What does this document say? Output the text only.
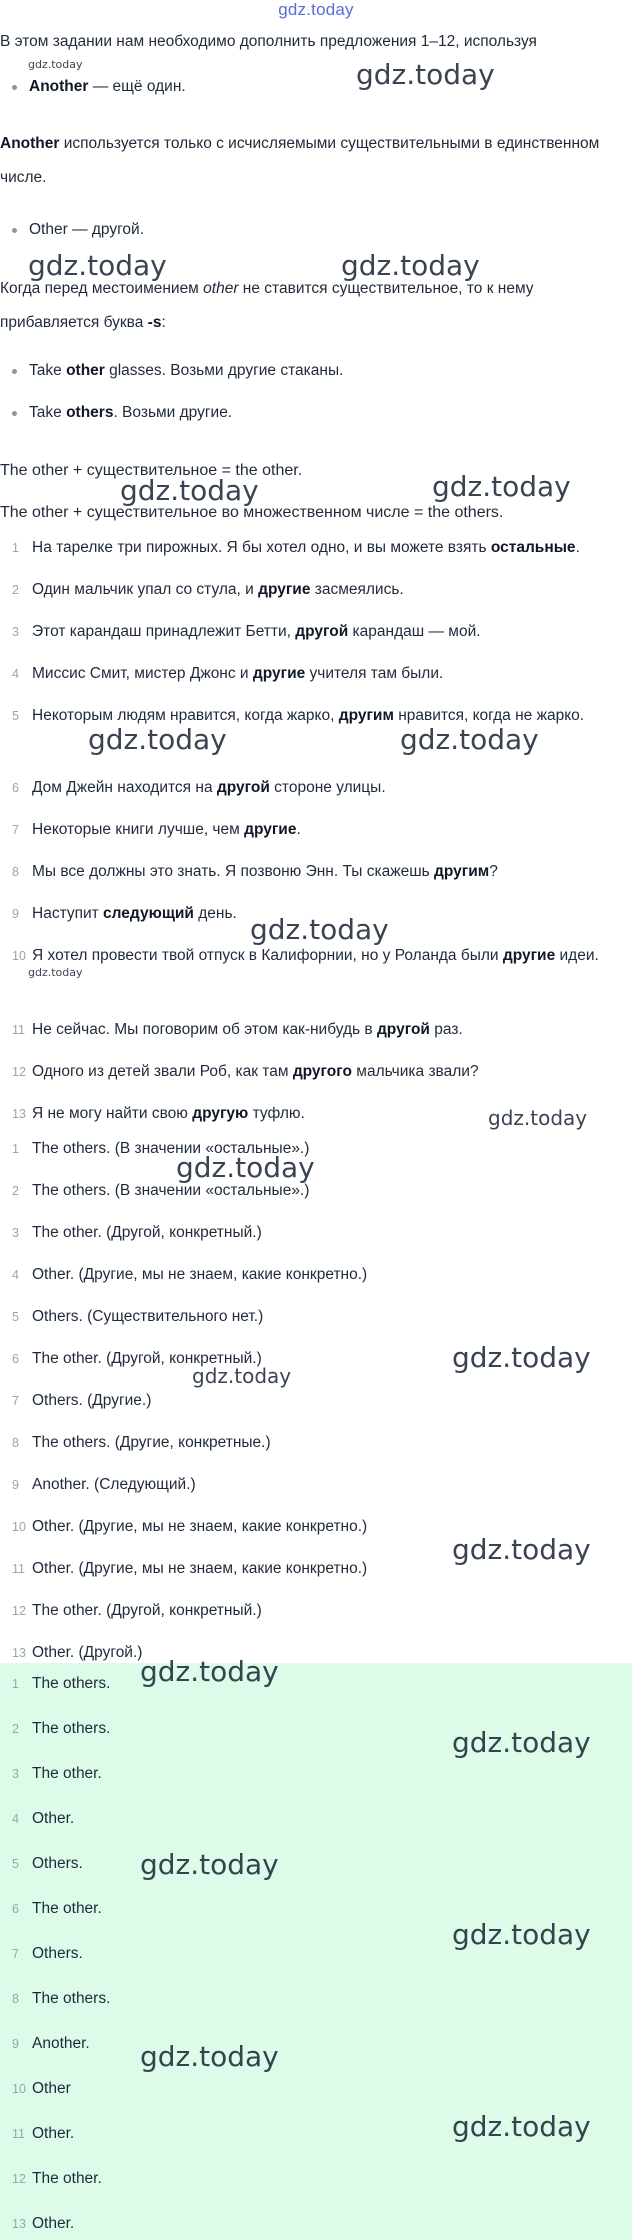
gdz.today
В этом задании нам необходимо дополнить предложения 1–12, используя
Another — ещё один.

Another используется только с исчисляемыми существительными в единственном числе.

Other — другой.

Когда перед местоимением other не ставится существительное, то к нему прибавляется буква -s:

Take other glasses. Возьми другие стаканы.
Take others. Возьми другие.
The other + существительное = the other.
The other + существительное во множественном числе = the others.
1 На тарелке три пирожных. Я бы хотел одно, и вы можете взять остальные.
2 Один мальчик упал со стула, и другие засмеялись.
3 Этот карандаш принадлежит Бетти, другой карандаш — мой.
4 Миссис Смит, мистер Джонс и другие учителя там были.
5 Некоторым людям нравится, когда жарко, другим нравится, когда не жарко.
6 Дом Джейн находится на другой стороне улицы.
7 Некоторые книги лучше, чем другие.
8 Мы все должны это знать. Я позвоню Энн. Ты скажешь другим?
9 Наступит следующий день.
10 Я хотел провести твой отпуск в Калифорнии, но у Роланда были другие идеи.
11 Не сейчас. Мы поговорим об этом как-нибудь в другой раз.
12 Одного из детей звали Роб, как там другого мальчика звали?
13 Я не могу найти свою другую туфлю.
1 The others. (В значении «остальные».)
2 The others. (В значении «остальные».)
3 The other. (Другой, конкретный.)
4 Other. (Другие, мы не знаем, какие конкретно.)
5 Others. (Существительного нет.)
6 The other. (Другой, конкретный.)
7 Others. (Другие.)
8 The others. (Другие, конкретные.)
9 Another. (Следующий.)
10 Other. (Другие, мы не знаем, какие конкретно.)
11 Other. (Другие, мы не знаем, какие конкретно.)
12 The other. (Другой, конкретный.)
13 Other. (Другой.)
1 The others.
2 The others.
3 The other.
4 Other.
5 Others.
6 The other.
7 Others.
8 The others.
9 Another.
10 Other
11 Other.
12 The other.
13 Other.
gdz.today	gdz.today
gdz.today	gdz.today
gdz.today	gdz.today
gdz.today	gdz.today
gdz.today
gdz.today
gdz.today
gdz.today
gdz.today
gdz.today
gdz.today
gdz.today
gdz.today
gdz.today
gdz.today
gdz.today
gdz.today
